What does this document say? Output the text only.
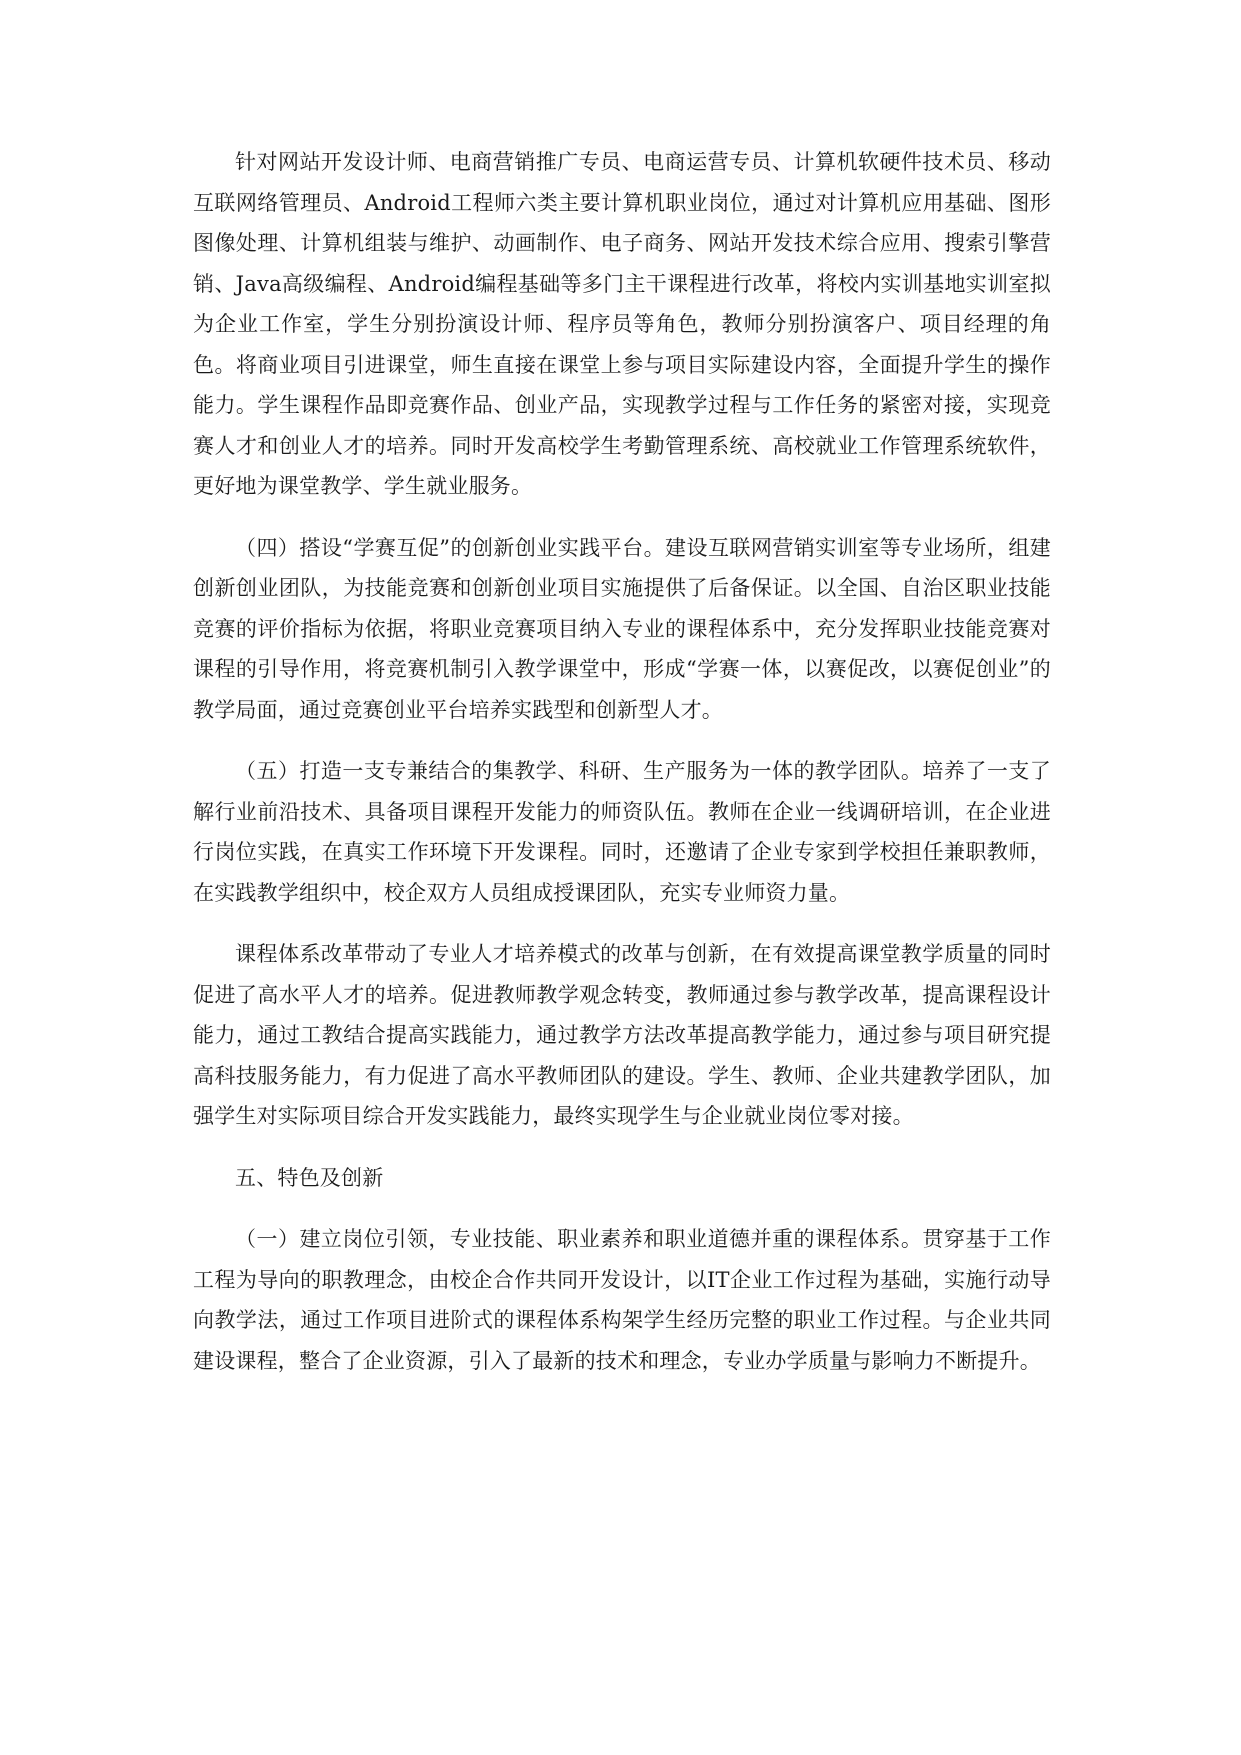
针对网站开发设计师、电商营销推广专员、电商运营专员、计算机软硬件技术员、移动互联网络管理员、Android工程师六类主要计算机职业岗位，通过对计算机应用基础、图形图像处理、计算机组装与维护、动画制作、电子商务、网站开发技术综合应用、搜索引擎营销、Java高级编程、Android编程基础等多门主干课程进行改革，将校内实训基地实训室拟为企业工作室，学生分别扮演设计师、程序员等角色，教师分别扮演客户、项目经理的角色。将商业项目引进课堂，师生直接在课堂上参与项目实际建设内容，全面提升学生的操作能力。学生课程作品即竞赛作品、创业产品，实现教学过程与工作任务的紧密对接，实现竞赛人才和创业人才的培养。同时开发高校学生考勤管理系统、高校就业工作管理系统软件，更好地为课堂教学、学生就业服务。

（四）搭设“学赛互促”的创新创业实践平台。建设互联网营销实训室等专业场所，组建创新创业团队，为技能竞赛和创新创业项目实施提供了后备保证。以全国、自治区职业技能竞赛的评价指标为依据，将职业竞赛项目纳入专业的课程体系中，充分发挥职业技能竞赛对课程的引导作用，将竞赛机制引入教学课堂中，形成“学赛一体，以赛促改，以赛促创业”的教学局面，通过竞赛创业平台培养实践型和创新型人才。

（五）打造一支专兼结合的集教学、科研、生产服务为一体的教学团队。培养了一支了解行业前沿技术、具备项目课程开发能力的师资队伍。教师在企业一线调研培训，在企业进行岗位实践，在真实工作环境下开发课程。同时，还邀请了企业专家到学校担任兼职教师，在实践教学组织中，校企双方人员组成授课团队，充实专业师资力量。

课程体系改革带动了专业人才培养模式的改革与创新，在有效提高课堂教学质量的同时促进了高水平人才的培养。促进教师教学观念转变，教师通过参与教学改革，提高课程设计能力，通过工教结合提高实践能力，通过教学方法改革提高教学能力，通过参与项目研究提高科技服务能力，有力促进了高水平教师团队的建设。学生、教师、企业共建教学团队，加强学生对实际项目综合开发实践能力，最终实现学生与企业就业岗位零对接。

五、特色及创新

（一）建立岗位引领，专业技能、职业素养和职业道德并重的课程体系。贯穿基于工作工程为导向的职教理念，由校企合作共同开发设计，以IT企业工作过程为基础，实施行动导向教学法，通过工作项目进阶式的课程体系构架学生经历完整的职业工作过程。与企业共同建设课程，整合了企业资源，引入了最新的技术和理念，专业办学质量与影响力不断提升。
